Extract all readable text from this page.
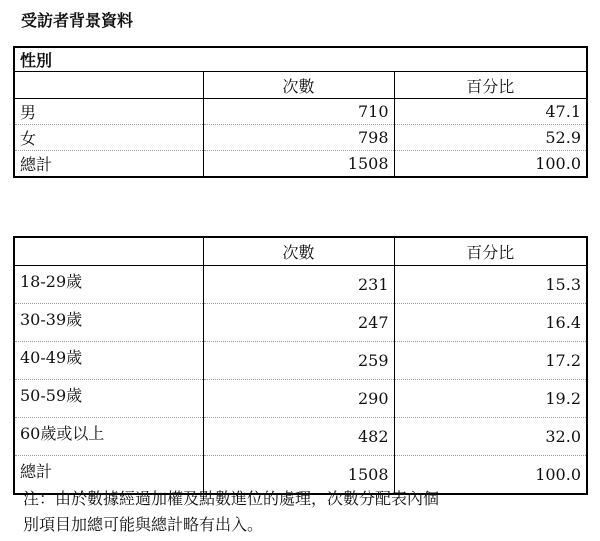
受訪者背景資料
性別		
	次數	百分比
男	710	47.1
女	798	52.9
總計	1508	100.0
	次數	百分比
18-29歲	231	15.3
30-39歲	247	16.4
40-49歲	259	17.2
50-59歲	290	19.2
60歲或以上	482	32.0
總計	1508	100.0
注：由於數據經過加權及點數進位的處理，次數分配表內個
別項目加總可能與總計略有出入。
